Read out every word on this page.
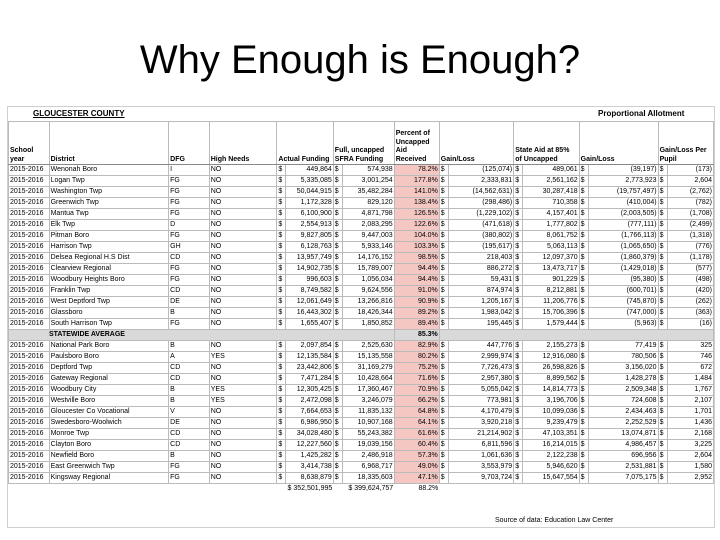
Why Enough is Enough?
GLOUCESTER COUNTY	Proportional Allotment
School year	District	DFG	High Needs	Actual Funding		Full, uncapped SFRA Funding		Percent of Uncapped Aid Received	Gain/Loss		State Aid at 85% of Uncapped		Gain/Loss		Gain/Loss Per Pupil	
2015-2016	Wenonah Boro	I	NO	$	449,864	$	574,938	78.2%	$	(125,074)	$	489,061	$	(39,197)	$	(173)
2015-2016	Logan Twp	FG	NO	$	5,335,085	$	3,001,254	177.8%	$	2,333,831	$	2,561,162	$	2,773,923	$	2,604
2015-2016	Washington Twp	FG	NO	$	50,044,915	$	35,482,284	141.0%	$	(14,562,631)	$	30,287,418	$	(19,757,497)	$	(2,762)
2015-2016	Greenwich Twp	FG	NO	$	1,172,328	$	829,120	138.4%	$	(298,486)	$	710,358	$	(410,004)	$	(782)
2015-2016	Mantua Twp	FG	NO	$	6,100,900	$	4,871,798	126.5%	$	(1,229,102)	$	4,157,401	$	(2,003,505)	$	(1,708)
2015-2016	Elk Twp	D	NO	$	2,554,913	$	2,083,295	122.6%	$	(471,618)	$	1,777,802	$	(777,111)	$	(2,499)
2015-2016	Pitman Boro	FG	NO	$	9,827,805	$	9,447,003	104.0%	$	(380,802)	$	8,061,752	$	(1,766,113)	$	(1,318)
2015-2016	Harrison Twp	GH	NO	$	6,128,763	$	5,933,146	103.3%	$	(195,617)	$	5,063,113	$	(1,065,650)	$	(776)
2015-2016	Delsea Regional H.S Dist	CD	NO	$	13,957,749	$	14,176,152	98.5%	$	218,403	$	12,097,370	$	(1,860,379)	$	(1,178)
2015-2016	Clearview Regional	FG	NO	$	14,902,735	$	15,789,007	94.4%	$	886,272	$	13,473,717	$	(1,429,018)	$	(577)
2015-2016	Woodbury Heights Boro	FG	NO	$	996,603	$	1,056,034	94.4%	$	59,431	$	901,229	$	(95,380)	$	(498)
2015-2016	Franklin Twp	CD	NO	$	8,749,582	$	9,624,556	91.0%	$	874,974	$	8,212,881	$	(600,701)	$	(420)
2015-2016	West Deptford Twp	DE	NO	$	12,061,649	$	13,266,816	90.9%	$	1,205,167	$	11,206,776	$	(745,870)	$	(262)
2015-2016	Glassboro	B	NO	$	16,443,302	$	18,426,344	89.2%	$	1,983,042	$	15,706,396	$	(747,000)	$	(363)
2015-2016	South Harrison Twp	FG	NO	$	1,655,407	$	1,850,852	89.4%	$	195,445	$	1,579,444	$	(5,963)	$	(16)
STATEWIDE AVERAGE								85.3%								
2015-2016	National Park Boro	B	NO	$	2,097,854	$	2,525,630	82.9%	$	447,776	$	2,155,273	$	77,419	$	325
2015-2016	Paulsboro Boro	A	YES	$	12,135,584	$	15,135,558	80.2%	$	2,999,974	$	12,916,080	$	780,506	$	746
2015-2016	Deptford Twp	CD	NO	$	23,442,806	$	31,169,279	75.2%	$	7,726,473	$	26,598,826	$	3,156,020	$	672
2015-2016	Gateway Regional	CD	NO	$	7,471,284	$	10,428,664	71.6%	$	2,957,380	$	8,899,562	$	1,428,278	$	1,484
2015-2016	Woodbury City	B	YES	$	12,305,425	$	17,360,467	70.9%	$	5,055,042	$	14,814,773	$	2,509,348	$	1,767
2015-2016	Westville Boro	B	YES	$	2,472,098	$	3,246,079	66.2%	$	773,981	$	3,196,706	$	724,608	$	2,107
2015-2016	Gloucester Co Vocational	V	NO	$	7,664,653	$	11,835,132	64.8%	$	4,170,479	$	10,099,036	$	2,434,463	$	1,701
2015-2016	Swedesboro-Woolwich	DE	NO	$	6,986,950	$	10,907,168	64.1%	$	3,920,218	$	9,239,479	$	2,252,529	$	1,436
2015-2016	Monroe Twp	CD	NO	$	34,028,480	$	55,243,382	61.6%	$	21,214,902	$	47,103,351	$	13,074,871	$	2,168
2015-2016	Clayton Boro	CD	NO	$	12,227,560	$	19,039,156	60.4%	$	6,811,596	$	16,214,015	$	4,986,457	$	3,225
2015-2016	Newfield Boro	B	NO	$	1,425,282	$	2,486,918	57.3%	$	1,061,636	$	2,122,238	$	696,956	$	2,604
2015-2016	East Greenwich Twp	FG	NO	$	3,414,738	$	6,968,717	49.0%	$	3,553,979	$	5,946,620	$	2,531,881	$	1,580
2015-2016	Kingsway Regional	FG	NO	$	8,638,879	$	18,335,603	47.1%	$	9,703,724	$	15,647,554	$	7,075,175	$	2,952
				$ 352,501,995		$ 399,624,757		88.2%								
Source of data: Education Law Center
